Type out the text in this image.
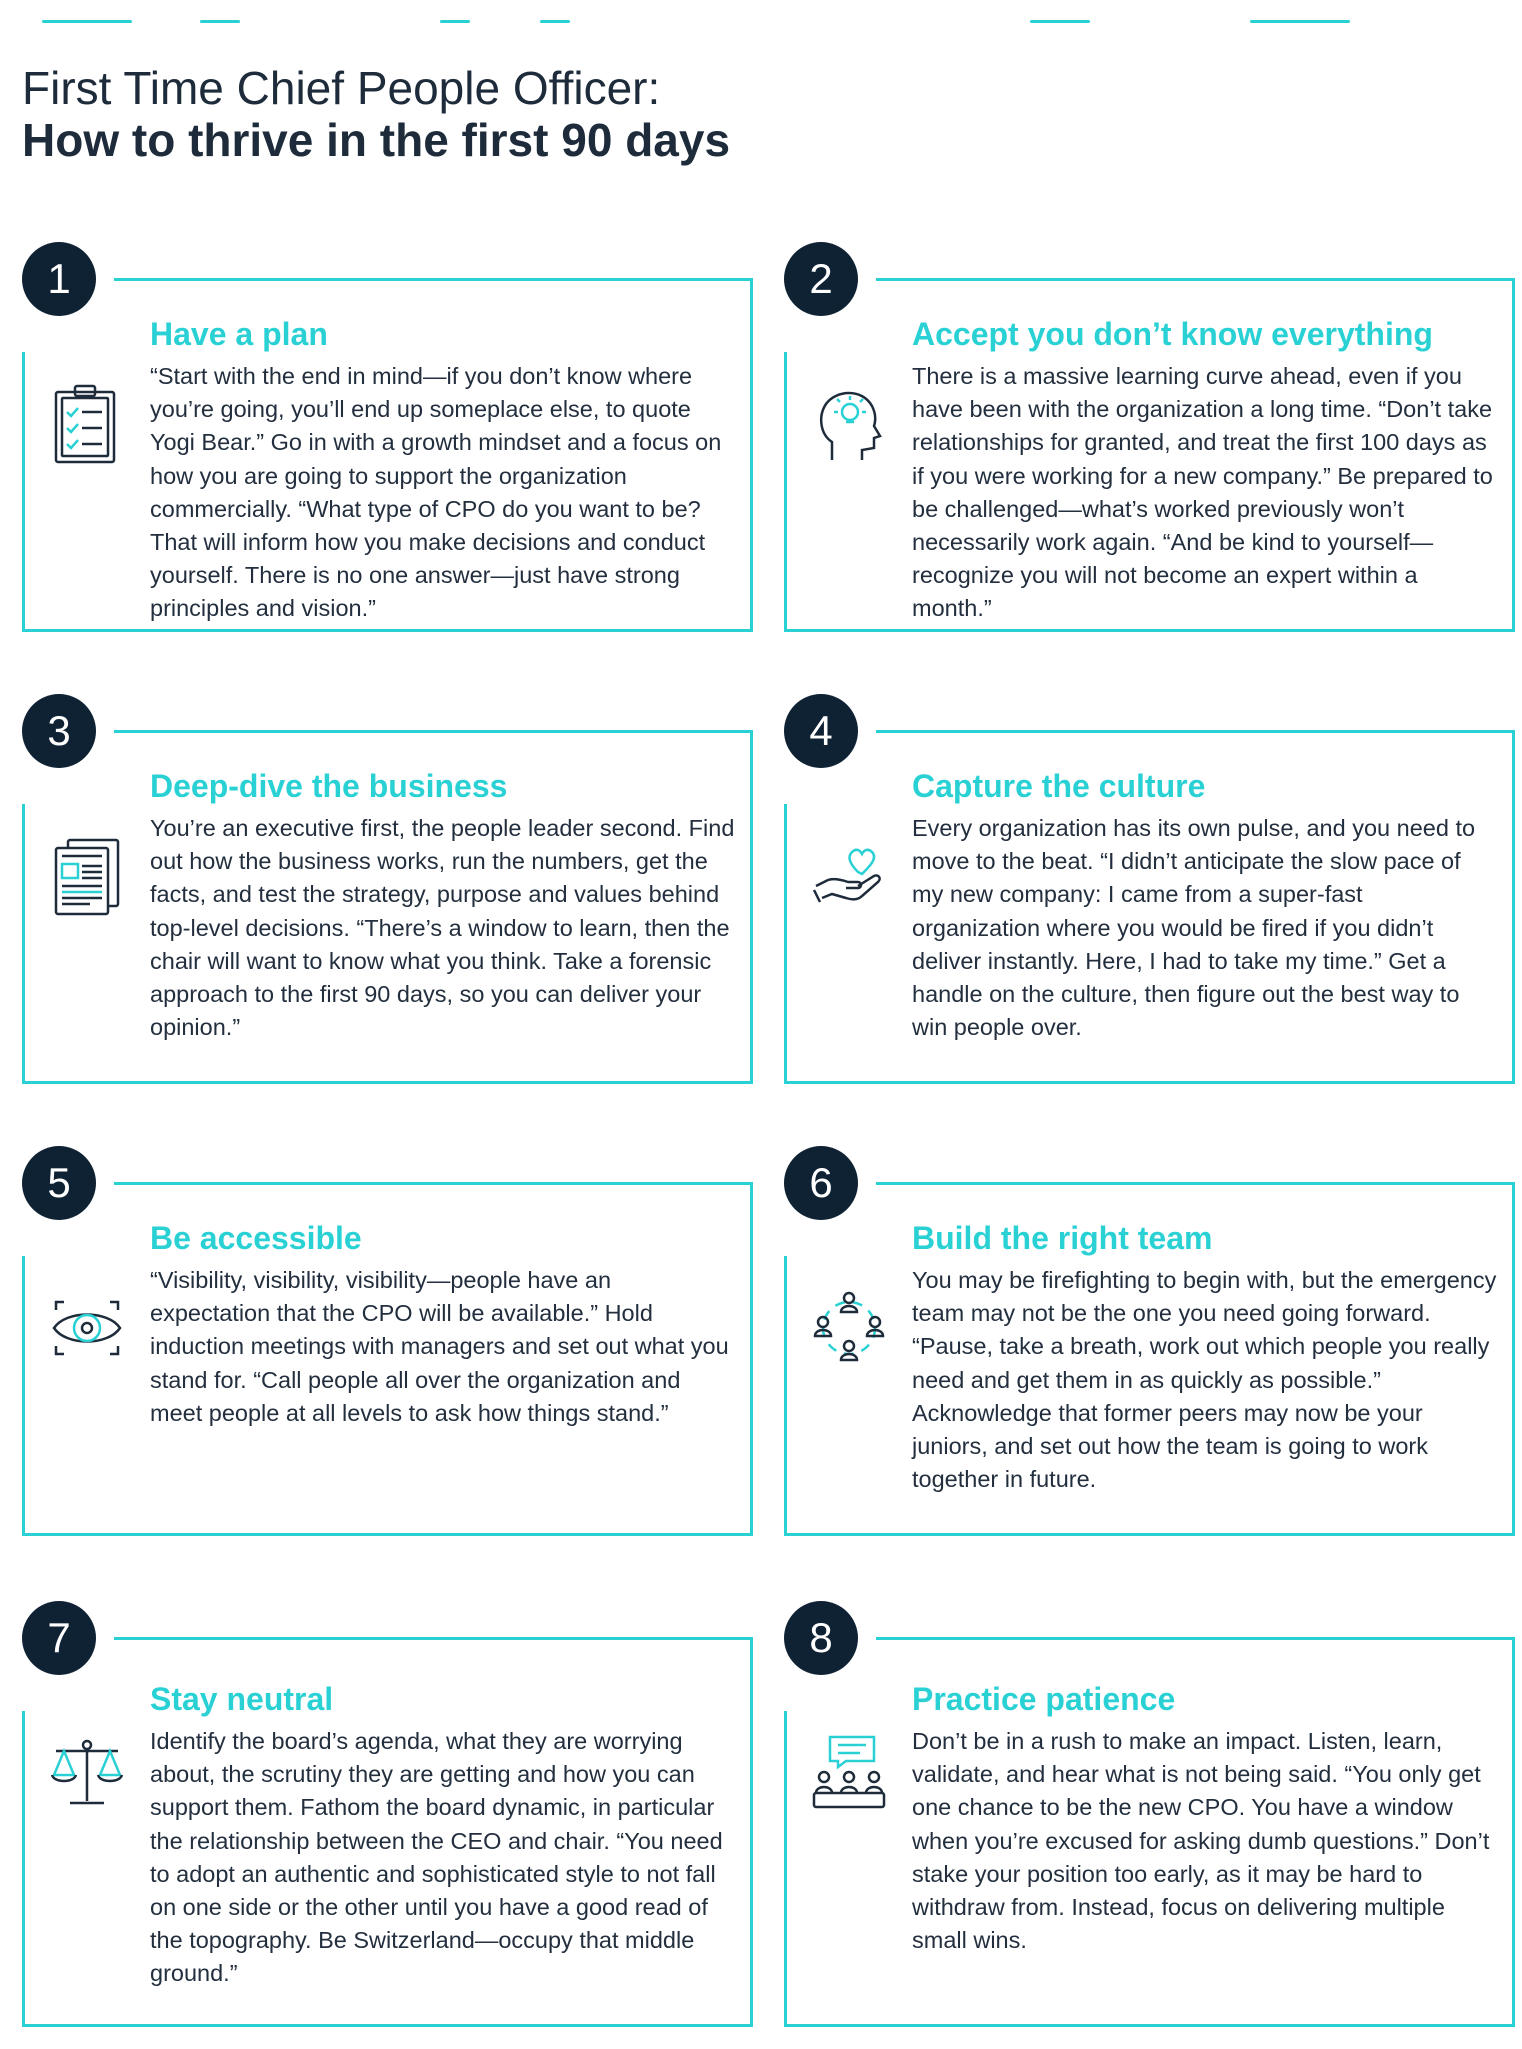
First Time Chief People Officer:
How to thrive in the first 90 days
1
Have a plan

“Start with the end in mind—if you don’t know where you’re going, you’ll end up someplace else, to quote Yogi Bear.” Go in with a growth mindset and a focus on how you are going to support the organization commercially. “What type of CPO do you want to be? That will inform how you make decisions and conduct yourself. There is no one answer—just have strong principles and vision.”

2
Accept you don’t know everything

There is a massive learning curve ahead, even if you have been with the organization a long time. “Don’t take relationships for granted, and treat the first 100 days as if you were working for a new company.” Be prepared to be challenged—what’s worked previously won’t necessarily work again. “And be kind to yourself—recognize you will not become an expert within a month.”

3
Deep-dive the business

You’re an executive first, the people leader second. Find out how the business works, run the numbers, get the facts, and test the strategy, purpose and values behind top-level decisions. “There’s a window to learn, then the chair will want to know what you think. Take a forensic approach to the first 90 days, so you can deliver your opinion.”

4
Capture the culture

Every organization has its own pulse, and you need to move to the beat. “I didn’t anticipate the slow pace of my new company: I came from a super-fast organization where you would be fired if you didn’t deliver instantly. Here, I had to take my time.” Get a handle on the culture, then figure out the best way to win people over.

5
Be accessible

“Visibility, visibility, visibility—people have an expectation that the CPO will be available.” Hold induction meetings with managers and set out what you stand for. “Call people all over the organization and meet people at all levels to ask how things stand.”

6
Build the right team

You may be firefighting to begin with, but the emergency team may not be the one you need going forward. “Pause, take a breath, work out which people you really need and get them in as quickly as possible.” Acknowledge that former peers may now be your juniors, and set out how the team is going to work together in future.

7
Stay neutral

Identify the board’s agenda, what they are worrying about, the scrutiny they are getting and how you can support them. Fathom the board dynamic, in particular the relationship between the CEO and chair. “You need to adopt an authentic and sophisticated style to not fall on one side or the other until you have a good read of the topography. Be Switzerland—occupy that middle ground.”

8
Practice patience

Don’t be in a rush to make an impact. Listen, learn, validate, and hear what is not being said. “You only get one chance to be the new CPO. You have a window when you’re excused for asking dumb questions.” Don’t stake your position too early, as it may be hard to withdraw from. Instead, focus on delivering multiple small wins.
